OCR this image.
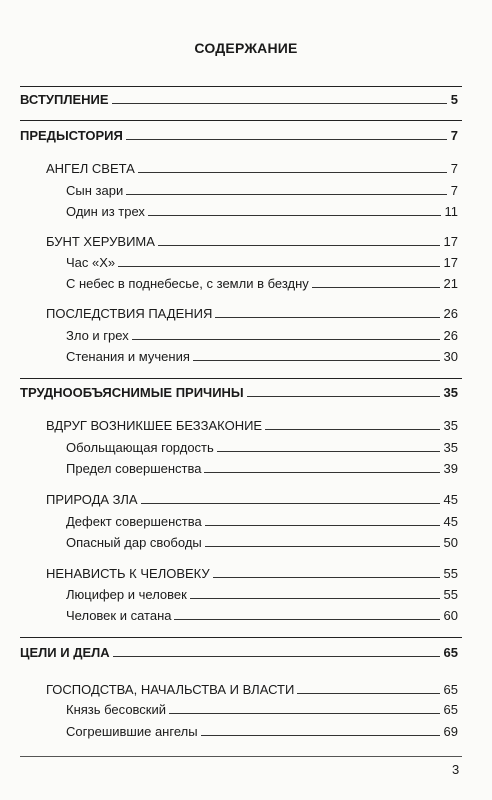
СОДЕРЖАНИЕ
ВСТУПЛЕНИЕ	5
ПРЕДЫСТОРИЯ	7
АНГЕЛ СВЕТА	7
Сын зари	7
Один из трех	11
БУНТ ХЕРУВИМА	17
Час «Х»	17
С небес в поднебесье, с земли в бездну	21
ПОСЛЕДСТВИЯ ПАДЕНИЯ	26
Зло и грех	26
Стенания и мучения	30
ТРУДНООБЪЯСНИМЫЕ ПРИЧИНЫ	35
ВДРУГ ВОЗНИКШЕЕ БЕЗЗАКОНИЕ	35
Обольщающая гордость	35
Предел совершенства	39
ПРИРОДА ЗЛА	45
Дефект совершенства	45
Опасный дар свободы	50
НЕНАВИСТЬ К ЧЕЛОВЕКУ	55
Люцифер и человек	55
Человек и сатана	60
ЦЕЛИ И ДЕЛА	65
ГОСПОДСТВА, НАЧАЛЬСТВА И ВЛАСТИ	65
Князь бесовский	65
Согрешившие ангелы	69
3
